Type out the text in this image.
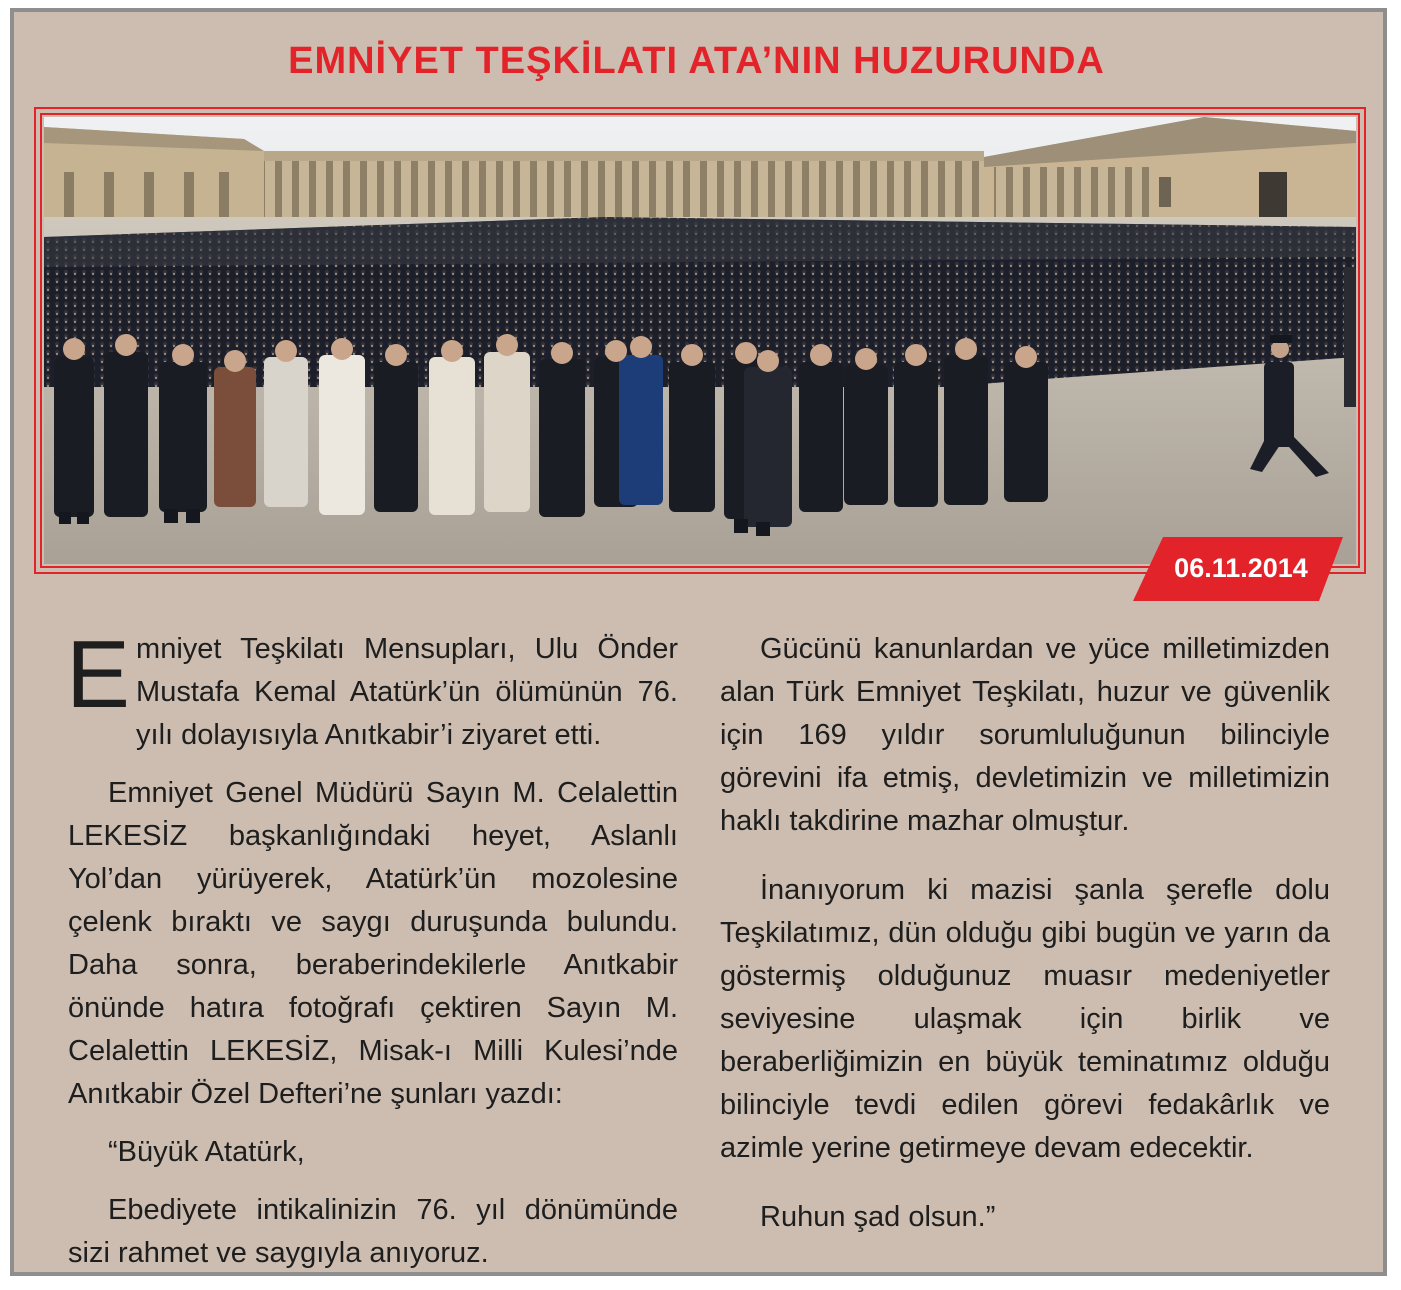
EMNİYET TEŞKİLATI ATA’NIN HUZURUNDA
06.11.2014

Emniyet Teşkilatı Mensupları, Ulu Önder Mustafa Kemal Atatürk’ün ölümünün 76. yılı dolayısıyla Anıtkabir’i ziyaret etti.

Emniyet Genel Müdürü Sayın M. Celalettin LEKESİZ başkanlığındaki heyet, Aslanlı Yol’dan yürüyerek, Atatürk’ün mozolesine çelenk bıraktı ve saygı duruşunda bulundu. Daha sonra, beraberindekilerle Anıtkabir önünde hatıra fotoğrafı çektiren Sayın M. Celalettin LEKESİZ, Misak-ı Milli Kulesi’nde Anıtkabir Özel Defteri’ne şunları yazdı:

“Büyük Atatürk,

Ebediyete intikalinizin 76. yıl dönümünde sizi rahmet ve saygıyla anıyoruz.

Gücünü kanunlardan ve yüce milletimizden alan Türk Emniyet Teşkilatı, huzur ve güvenlik için 169 yıldır sorumluluğunun bilinciyle görevini ifa etmiş, devletimizin ve milletimizin haklı takdirine mazhar olmuştur.

İnanıyorum ki mazisi şanla şerefle dolu Teşkilatımız, dün olduğu gibi bugün ve yarın da göstermiş olduğunuz muasır medeniyetler seviyesine ulaşmak için birlik ve beraberliğimizin en büyük teminatımız olduğu bilinciyle tevdi edilen görevi fedakârlık ve azimle yerine getirmeye devam edecektir.

Ruhun şad olsun.”
